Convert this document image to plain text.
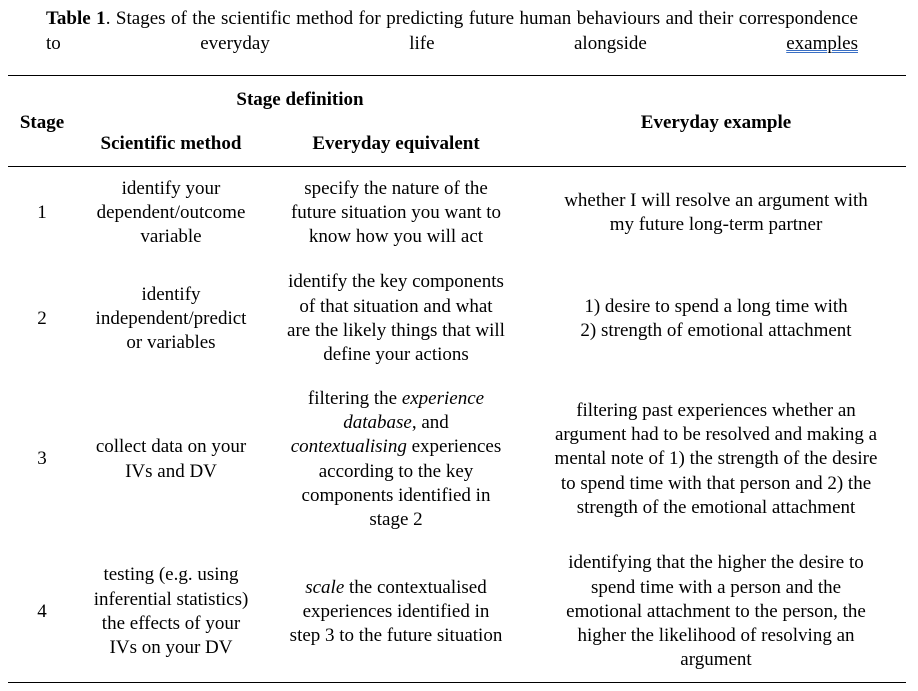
Table 1. Stages of the scientific method for predicting future human behaviours and their correspondence to everyday life alongside examples
Stage
Stage definition
Scientific method	Everyday equivalent
Everyday example
1
identify your
dependent/outcome
variable
specify the nature of the
future situation you want to
know how you will act
whether I will resolve an argument with
my future long-term partner
2
identify
independent/predict
or variables
identify the key components
of that situation and what
are the likely things that will
define your actions
1) desire to spend a long time with
2) strength of emotional attachment
3
collect data on your
IVs and DV
filtering the experience
database, and
contextualising experiences
according to the key
components identified in
stage 2
filtering past experiences whether an
argument had to be resolved and making a
mental note of 1) the strength of the desire
to spend time with that person and 2) the
strength of the emotional attachment
4
testing (e.g. using
inferential statistics)
the effects of your
IVs on your DV
scale the contextualised
experiences identified in
step 3 to the future situation
identifying that the higher the desire to
spend time with a person and the
emotional attachment to the person, the
higher the likelihood of resolving an
argument
